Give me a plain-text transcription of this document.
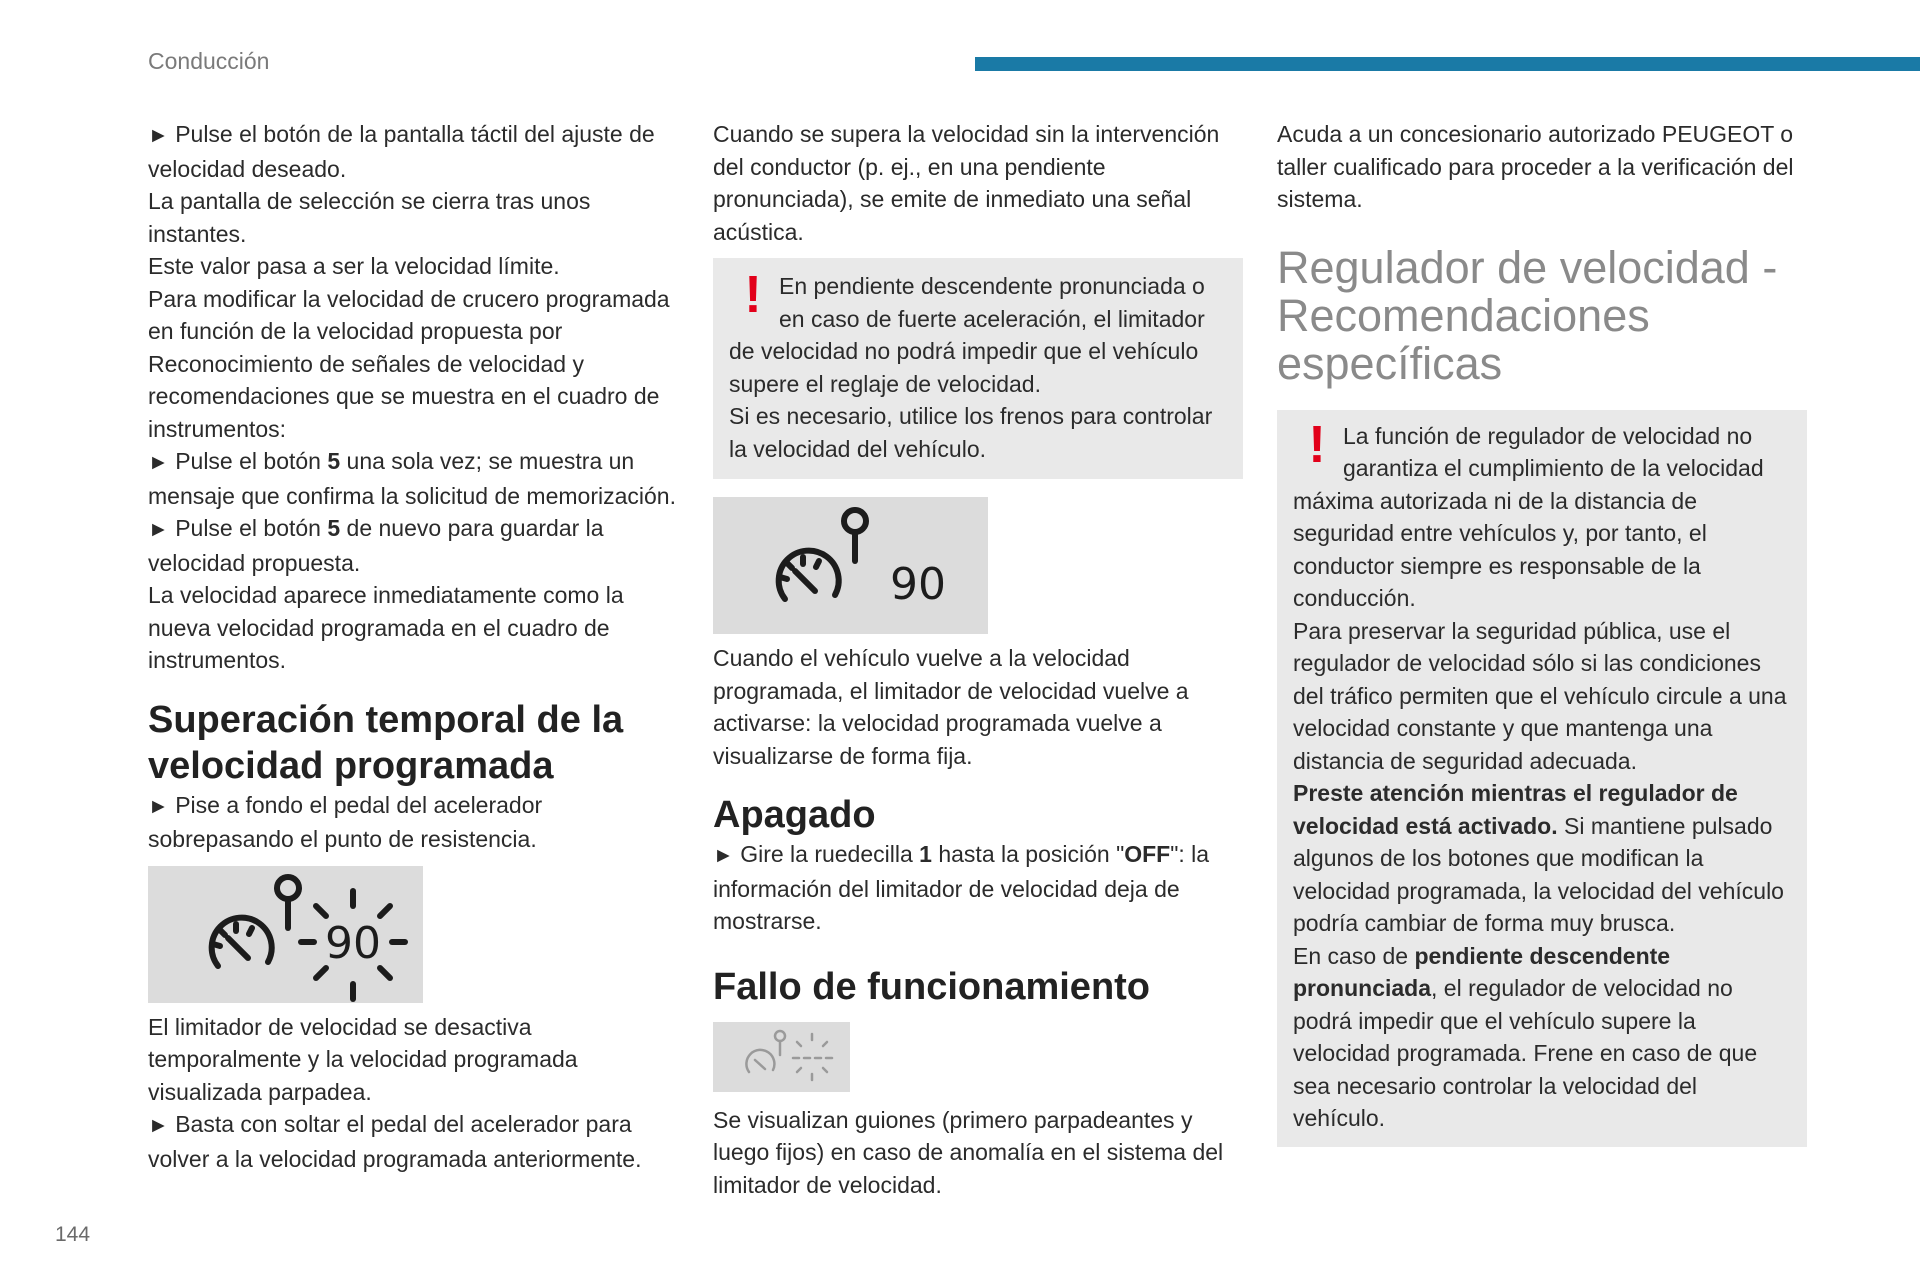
Conducción

► Pulse el botón de la pantalla táctil del ajuste de velocidad deseado.

La pantalla de selección se cierra tras unos instantes.

Este valor pasa a ser la velocidad límite.

Para modificar la velocidad de crucero programada en función de la velocidad propuesta por Reconocimiento de señales de velocidad y recomendaciones que se muestra en el cuadro de instrumentos:

► Pulse el botón 5 una sola vez; se muestra un mensaje que confirma la solicitud de memorización.

► Pulse el botón 5 de nuevo para guardar la velocidad propuesta.

La velocidad aparece inmediatamente como la nueva velocidad programada en el cuadro de instrumentos.

Superación temporal de la velocidad programada

► Pise a fondo el pedal del acelerador sobrepasando el punto de resistencia.

90

El limitador de velocidad se desactiva temporalmente y la velocidad programada visualizada parpadea.

► Basta con soltar el pedal del acelerador para volver a la velocidad programada anteriormente.

Cuando se supera la velocidad sin la intervención del conductor (p. ej., en una pendiente pronunciada), se emite de inmediato una señal acústica.

! En pendiente descendente pronunciada o en caso de fuerte aceleración, el limitador de velocidad no podrá impedir que el vehículo supere el reglaje de velocidad.

Si es necesario, utilice los frenos para controlar la velocidad del vehículo.

90

Cuando el vehículo vuelve a la velocidad programada, el limitador de velocidad vuelve a activarse: la velocidad programada vuelve a visualizarse de forma fija.

Apagado

► Gire la ruedecilla 1 hasta la posición "OFF": la información del limitador de velocidad deja de mostrarse.

Fallo de funcionamiento

Se visualizan guiones (primero parpadeantes y luego fijos) en caso de anomalía en el sistema del limitador de velocidad.

Acuda a un concesionario autorizado PEUGEOT o taller cualificado para proceder a la verificación del sistema.

Regulador de velocidad - Recomendaciones específicas
! La función de regulador de velocidad no garantiza el cumplimiento de la velocidad máxima autorizada ni de la distancia de seguridad entre vehículos y, por tanto, el conductor siempre es responsable de la conducción.

Para preservar la seguridad pública, use el regulador de velocidad sólo si las condiciones del tráfico permiten que el vehículo circule a una velocidad constante y que mantenga una distancia de seguridad adecuada.

Preste atención mientras el regulador de velocidad está activado. Si mantiene pulsado algunos de los botones que modifican la velocidad programada, la velocidad del vehículo podría cambiar de forma muy brusca.

En caso de pendiente descendente pronunciada, el regulador de velocidad no podrá impedir que el vehículo supere la velocidad programada. Frene en caso de que sea necesario controlar la velocidad del vehículo.

144
